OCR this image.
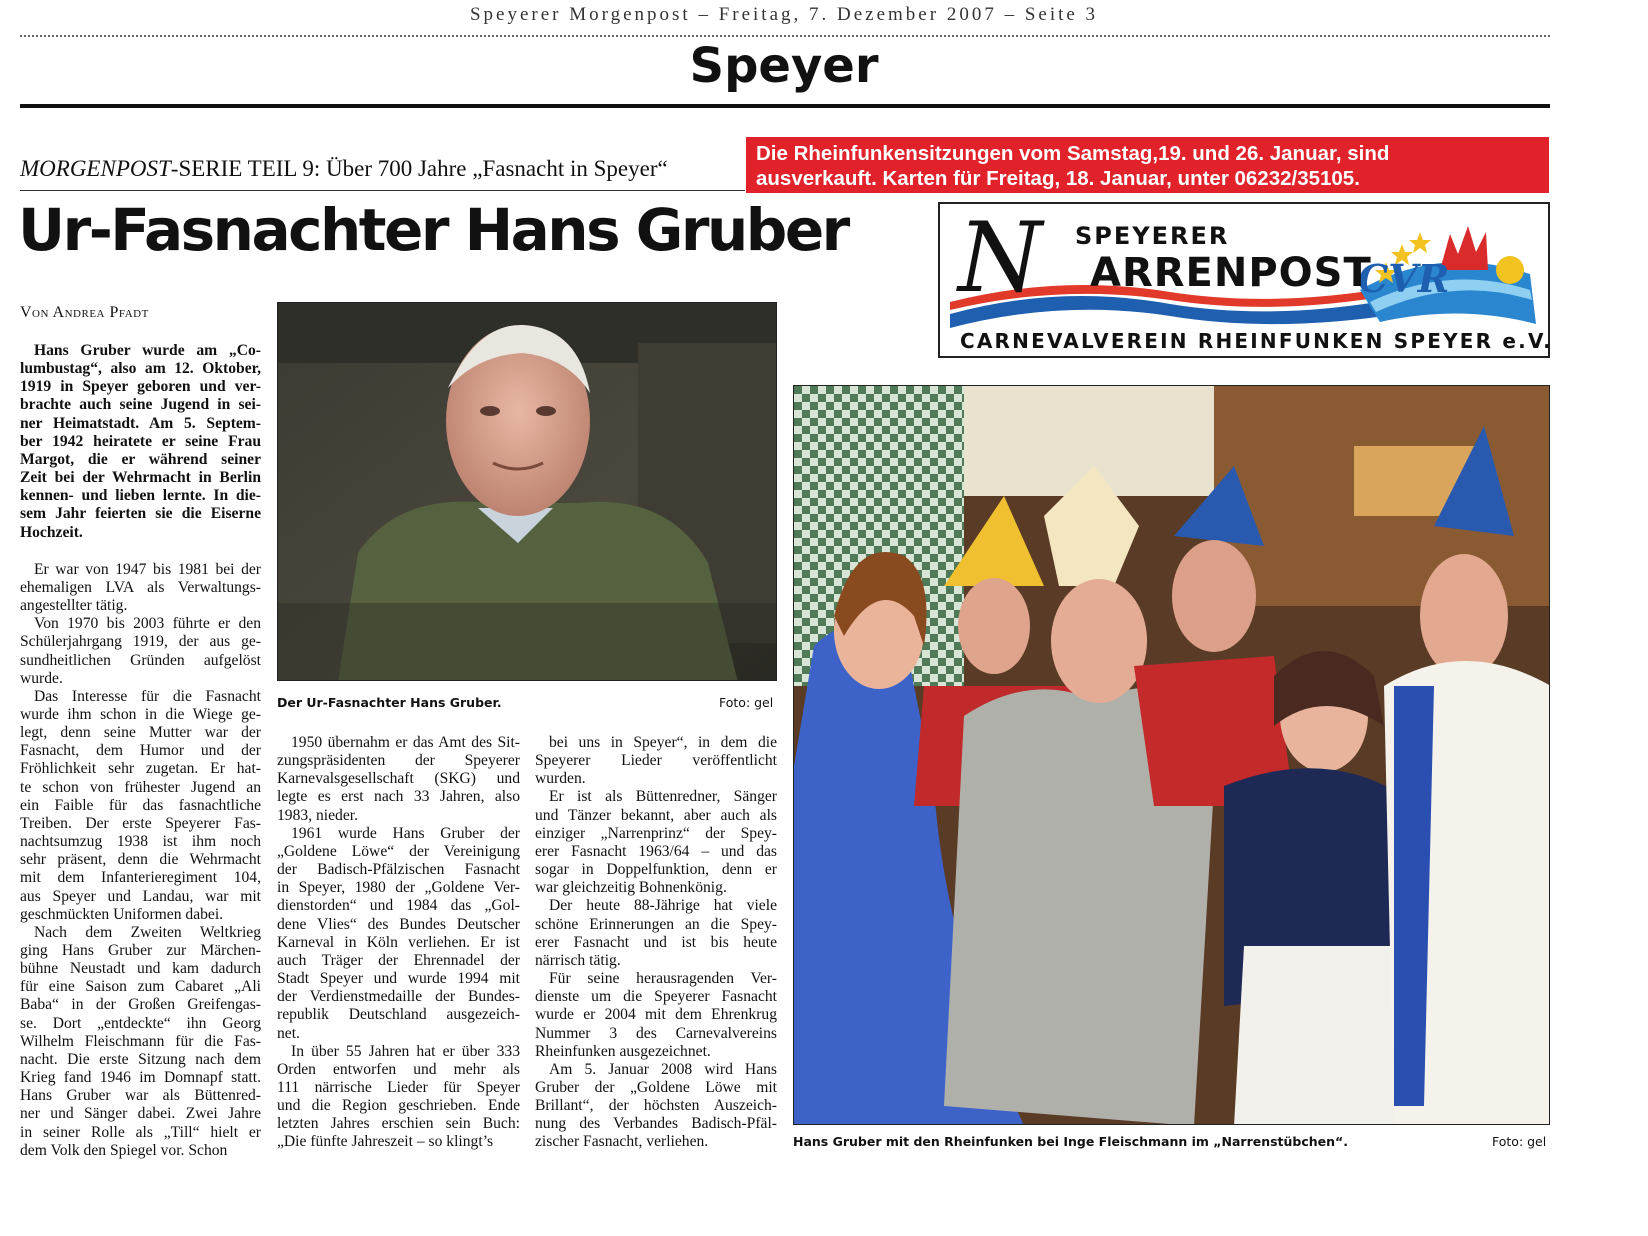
Speyerer Morgenpost – Freitag, 7. Dezember 2007 – Seite 3
Speyer
MORGENPOST-SERIE TEIL 9: Über 700 Jahre „Fasnacht in Speyer“
Die Rheinfunkensitzungen vom Samstag,19. und 26. Januar, sind
ausverkauft. Karten für Freitag, 18. Januar, unter 06232/35105.
Ur-Fasnachter Hans Gruber
Von Andrea Pfadt
Hans Gruber wurde am „Co-
lumbustag“, also am 12. Oktober,
1919 in Speyer geboren und ver-
brachte auch seine Jugend in sei-
ner Heimatstadt. Am 5. Septem-
ber 1942 heiratete er seine Frau
Margot, die er während seiner
Zeit bei der Wehrmacht in Berlin
kennen- und lieben lernte. In die-
sem Jahr feierten sie die Eiserne
Hochzeit.
Er war von 1947 bis 1981 bei der
ehemaligen LVA als Verwaltungs-
angestellter tätig.
Von 1970 bis 2003 führte er den
Schülerjahrgang 1919, der aus ge-
sundheitlichen Gründen aufgelöst
wurde.
Das Interesse für die Fasnacht
wurde ihm schon in die Wiege ge-
legt, denn seine Mutter war der
Fasnacht, dem Humor und der
Fröhlichkeit sehr zugetan. Er hat-
te schon von frühester Jugend an
ein Faible für das fasnachtliche
Treiben. Der erste Speyerer Fas-
nachtsumzug 1938 ist ihm noch
sehr präsent, denn die Wehrmacht
mit dem Infanterieregiment 104,
aus Speyer und Landau, war mit
geschmückten Uniformen dabei.
Nach dem Zweiten Weltkrieg
ging Hans Gruber zur Märchen-
bühne Neustadt und kam dadurch
für eine Saison zum Cabaret „Ali
Baba“ in der Großen Greifengas-
se. Dort „entdeckte“ ihn Georg
Wilhelm Fleischmann für die Fas-
nacht. Die erste Sitzung nach dem
Krieg fand 1946 im Domnapf statt.
Hans Gruber war als Büttenred-
ner und Sänger dabei. Zwei Jahre
in seiner Rolle als „Till“ hielt er
dem Volk den Spiegel vor. Schon
1950 übernahm er das Amt des Sit-
zungspräsidenten der Speyerer
Karnevalsgesellschaft (SKG) und
legte es erst nach 33 Jahren, also
1983, nieder.
1961 wurde Hans Gruber der
„Goldene Löwe“ der Vereinigung
der Badisch-Pfälzischen Fasnacht
in Speyer, 1980 der „Goldene Ver-
dienstorden“ und 1984 das „Gol-
dene Vlies“ des Bundes Deutscher
Karneval in Köln verliehen. Er ist
auch Träger der Ehrennadel der
Stadt Speyer und wurde 1994 mit
der Verdienstmedaille der Bundes-
republik Deutschland ausgezeich-
net.
In über 55 Jahren hat er über 333
Orden entworfen und mehr als
111 närrische Lieder für Speyer
und die Region geschrieben. Ende
letzten Jahres erschien sein Buch:
„Die fünfte Jahreszeit – so klingt’s
bei uns in Speyer“, in dem die
Speyerer Lieder veröffentlicht
wurden.
Er ist als Büttenredner, Sänger
und Tänzer bekannt, aber auch als
einziger „Narrenprinz“ der Spey-
erer Fasnacht 1963/64 – und das
sogar in Doppelfunktion, denn er
war gleichzeitig Bohnenkönig.
Der heute 88-Jährige hat viele
schöne Erinnerungen an die Spey-
erer Fasnacht und ist bis heute
närrisch tätig.
Für seine herausragenden Ver-
dienste um die Speyerer Fasnacht
wurde er 2004 mit dem Ehrenkrug
Nummer 3 des Carnevalvereins
Rheinfunken ausgezeichnet.
Am 5. Januar 2008 wird Hans
Gruber der „Goldene Löwe mit
Brillant“, der höchsten Auszeich-
nung des Verbandes Badisch-Pfäl-
zischer Fasnacht, verliehen.
Der Ur-Fasnachter Hans Gruber.	Foto: gel
CVR
N SPEYERER
ARRENPOST
CARNEVALVEREIN RHEINFUNKEN SPEYER e.V.
Hans Gruber mit den Rheinfunken bei Inge Fleischmann im „Narrenstübchen“.	Foto: gel
